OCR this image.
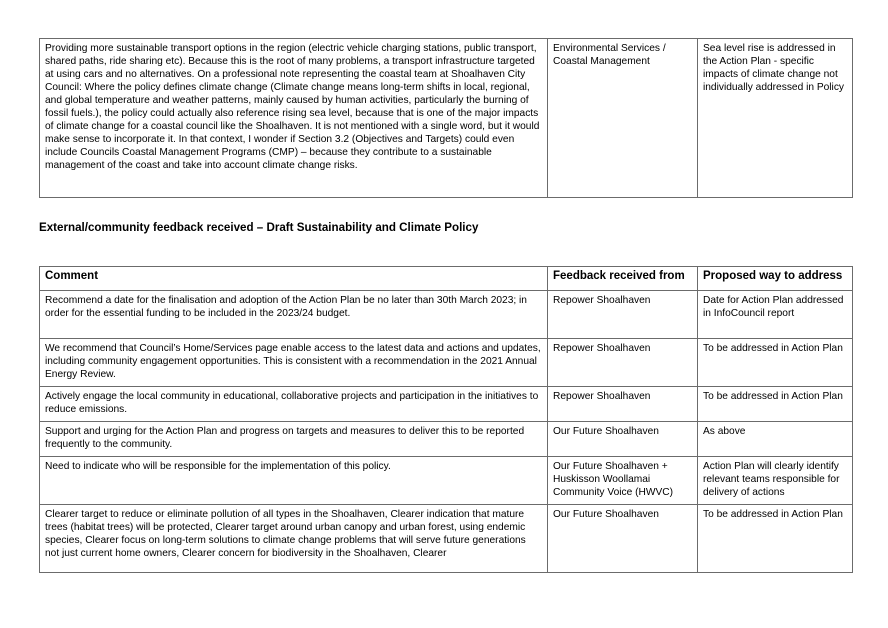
Providing more sustainable transport options in the region (electric vehicle charging stations, public transport, shared paths, ride sharing etc). Because this is the root of many problems, a transport infrastructure targeted at using cars and no alternatives. On a professional note representing the coastal team at Shoalhaven City Council: Where the policy defines climate change (Climate change means long-term shifts in local, regional, and global temperature and weather patterns, mainly caused by human activities, particularly the burning of fossil fuels.), the policy could actually also reference rising sea level, because that is one of the major impacts of climate change for a coastal council like the Shoalhaven. It is not mentioned with a single word, but it would make sense to incorporate it. In that context, I wonder if Section 3.2 (Objectives and Targets) could even include Councils Coastal Management Programs (CMP) – because they contribute to a sustainable management of the coast and take into account climate change risks.	Environmental Services / Coastal Management	Sea level rise is addressed in the Action Plan - specific impacts of climate change not individually addressed in Policy
External/community feedback received – Draft Sustainability and Climate Policy
Comment	Feedback received from	Proposed way to address
Recommend a date for the finalisation and adoption of the Action Plan be no later than 30th March 2023; in order for the essential funding to be included in the 2023/24 budget.	Repower Shoalhaven	Date for Action Plan addressed in InfoCouncil report
We recommend that Council’s Home/Services page enable access to the latest data and actions and updates, including community engagement opportunities. This is consistent with a recommendation in the 2021 Annual Energy Review.	Repower Shoalhaven	To be addressed in Action Plan
Actively engage the local community in educational, collaborative projects and participation in the initiatives to reduce emissions.	Repower Shoalhaven	To be addressed in Action Plan
Support and urging for the Action Plan and progress on targets and measures to deliver this to be reported frequently to the community.	Our Future Shoalhaven	As above
Need to indicate who will be responsible for the implementation of this policy.	Our Future Shoalhaven + Huskisson Woollamai Community Voice (HWVC)	Action Plan will clearly identify relevant teams responsible for delivery of actions
Clearer target to reduce or eliminate pollution of all types in the Shoalhaven, Clearer indication that mature trees (habitat trees) will be protected, Clearer target around urban canopy and urban forest, using endemic species, Clearer focus on long-term solutions to climate change problems that will serve future generations not just current home owners, Clearer concern for biodiversity in the Shoalhaven, Clearer	Our Future Shoalhaven	To be addressed in Action Plan
